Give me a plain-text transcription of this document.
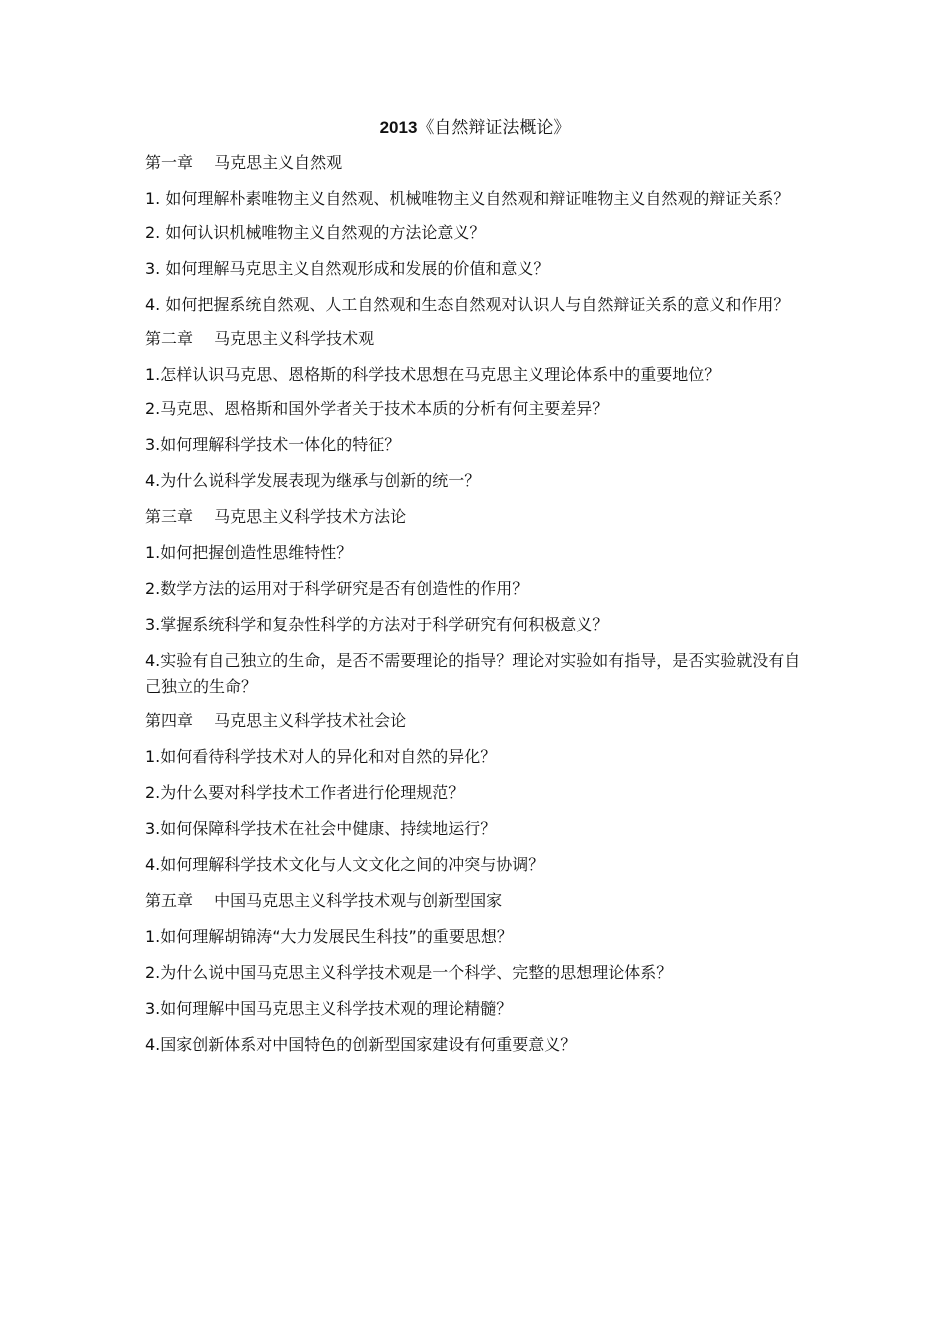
2013《自然辩证法概论》
第一章　 马克思主义自然观
1. 如何理解朴素唯物主义自然观、机械唯物主义自然观和辩证唯物主义自然观的辩证关系？
2. 如何认识机械唯物主义自然观的方法论意义？
3. 如何理解马克思主义自然观形成和发展的价值和意义？
4. 如何把握系统自然观、人工自然观和生态自然观对认识人与自然辩证关系的意义和作用？
第二章　 马克思主义科学技术观
1.怎样认识马克思、恩格斯的科学技术思想在马克思主义理论体系中的重要地位？
2.马克思、恩格斯和国外学者关于技术本质的分析有何主要差异？
3.如何理解科学技术一体化的特征？
4.为什么说科学发展表现为继承与创新的统一？
第三章　 马克思主义科学技术方法论
1.如何把握创造性思维特性？
2.数学方法的运用对于科学研究是否有创造性的作用？
3.掌握系统科学和复杂性科学的方法对于科学研究有何积极意义？
4.实验有自己独立的生命，是否不需要理论的指导？理论对实验如有指导，是否实验就没有自己独立的生命？
第四章　 马克思主义科学技术社会论
1.如何看待科学技术对人的异化和对自然的异化？
2.为什么要对科学技术工作者进行伦理规范？
3.如何保障科学技术在社会中健康、持续地运行？
4.如何理解科学技术文化与人文文化之间的冲突与协调？
第五章　 中国马克思主义科学技术观与创新型国家
1.如何理解胡锦涛“大力发展民生科技”的重要思想？
2.为什么说中国马克思主义科学技术观是一个科学、完整的思想理论体系？
3.如何理解中国马克思主义科学技术观的理论精髓？
4.国家创新体系对中国特色的创新型国家建设有何重要意义？
